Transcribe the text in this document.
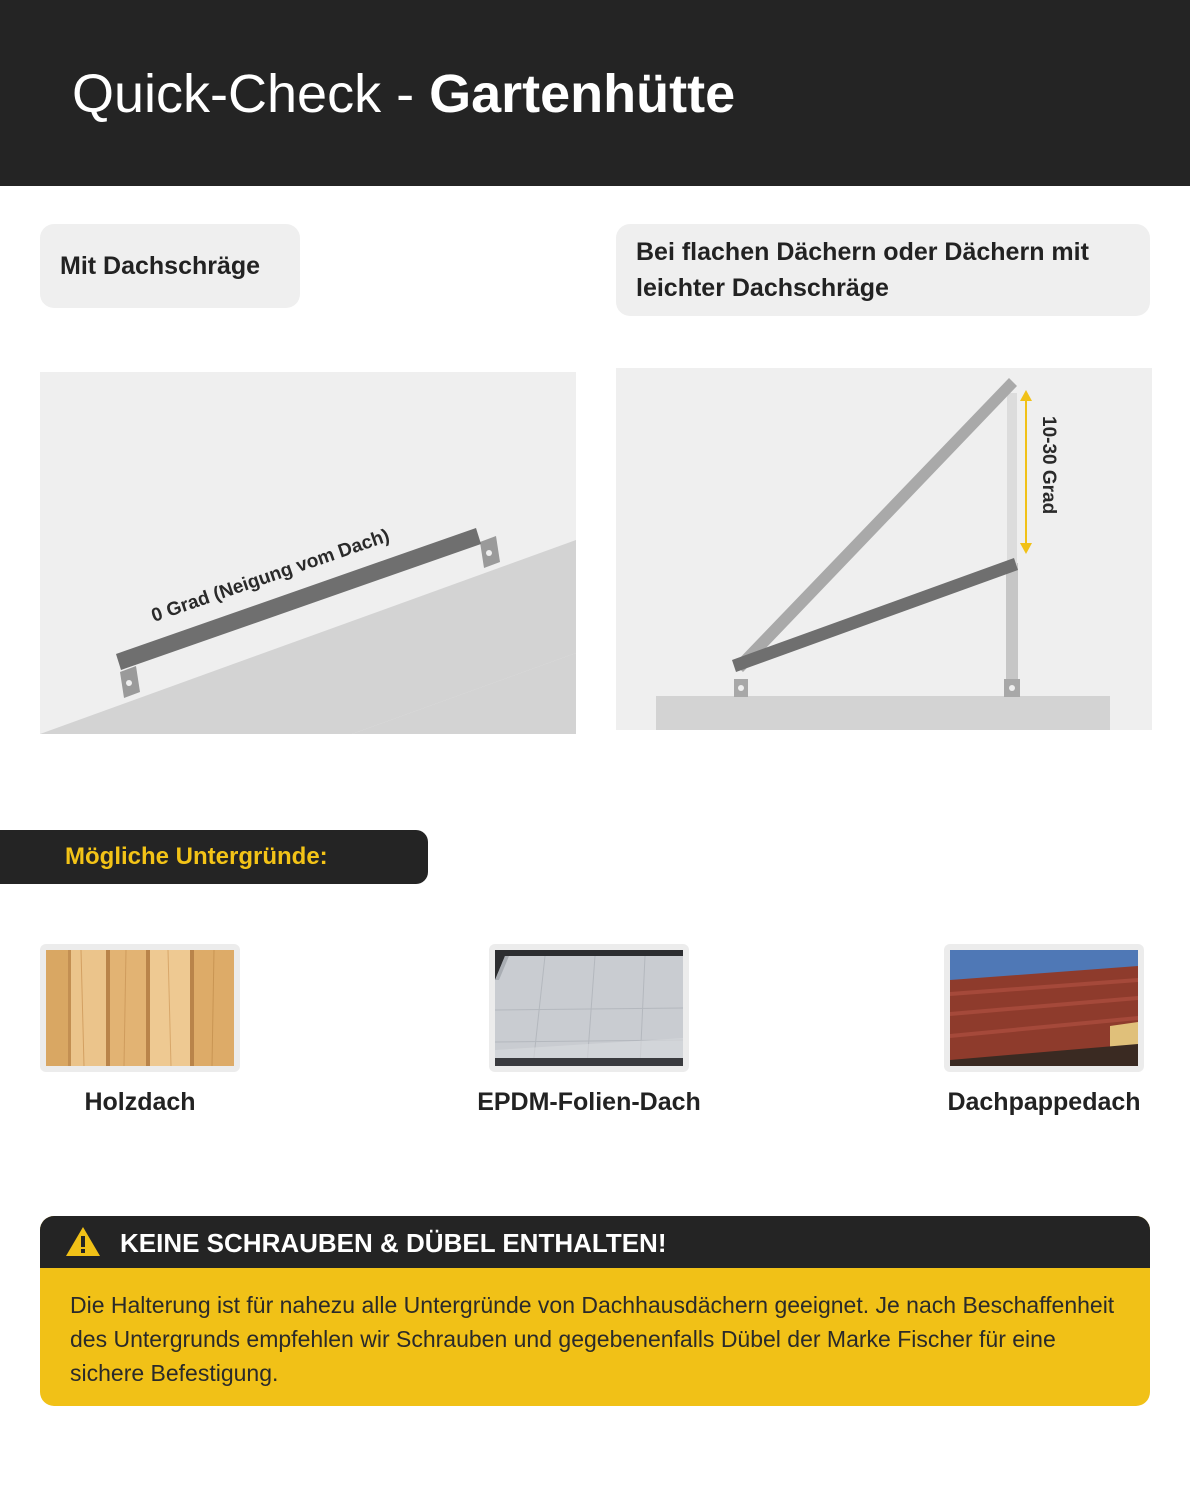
Quick-Check - Gartenhütte
Mit Dachschräge	Bei flachen Dächern oder Dächern mit leichter Dachschräge
0 Grad (Neigung vom Dach)
10-30 Grad
Mögliche Untergründe:
Holzdach	EPDM-Folien-Dach	Dachpappedach
KEINE SCHRAUBEN & DÜBEL ENTHALTEN!
Die Halterung ist für nahezu alle Untergründe von Dachhausdächern geeignet. Je nach Beschaffenheit des Untergrunds empfehlen wir Schrauben und gegebenenfalls Dübel der Marke Fischer für eine sichere Befestigung.
